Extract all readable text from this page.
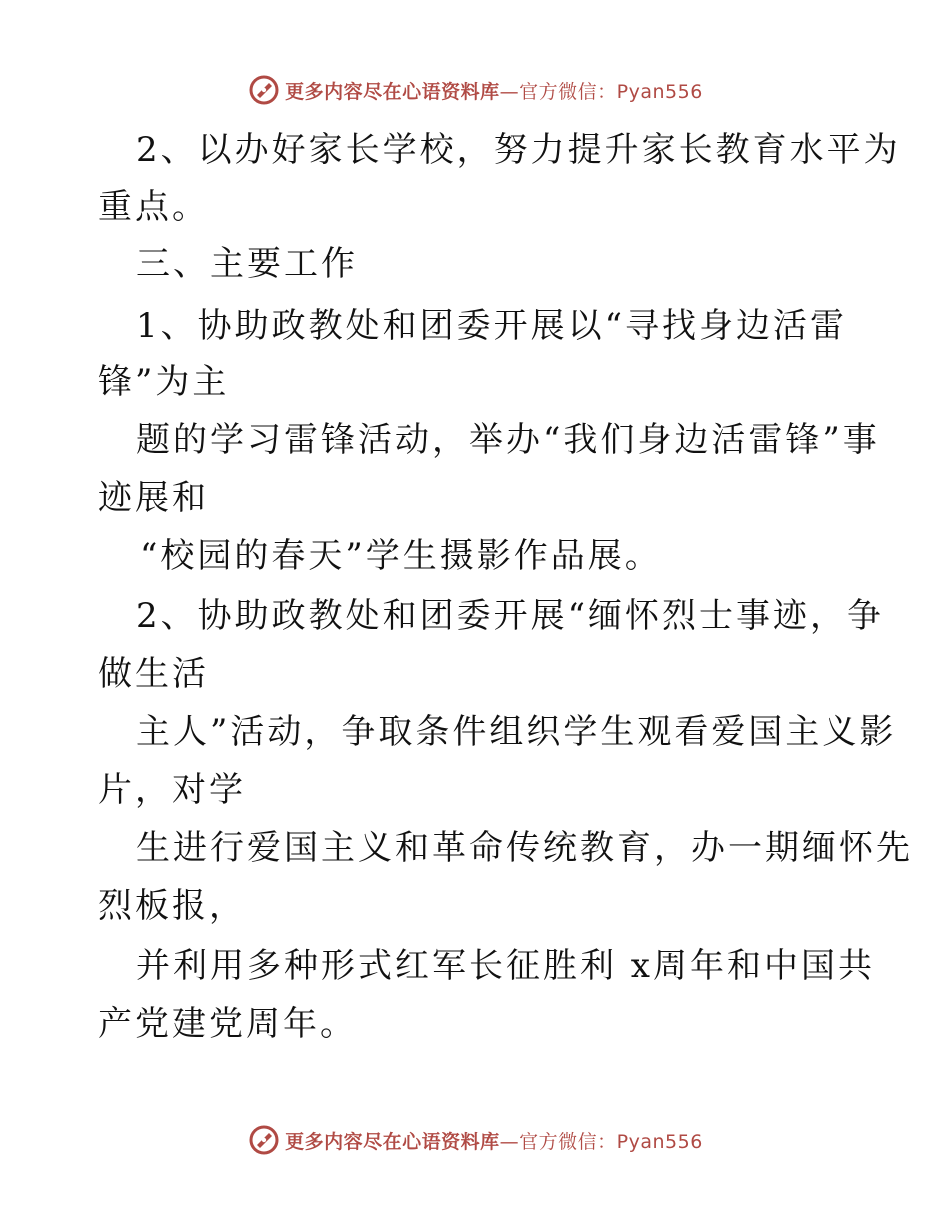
更多内容尽在心语资料库—官方微信：Pyan556
2、以办好家长学校，努力提升家长教育水平为
重点。
三、主要工作
1、协助政教处和团委开展以“寻找身边活雷
锋”为主
题的学习雷锋活动，举办“我们身边活雷锋”事
迹展和
“校园的春天”学生摄影作品展。
2、协助政教处和团委开展“缅怀烈士事迹，争
做生活
主人”活动，争取条件组织学生观看爱国主义影
片，对学
生进行爱国主义和革命传统教育，办一期缅怀先
烈板报，
并利用多种形式红军长征胜利 x周年和中国共
产党建党周年。
更多内容尽在心语资料库—官方微信：Pyan556
